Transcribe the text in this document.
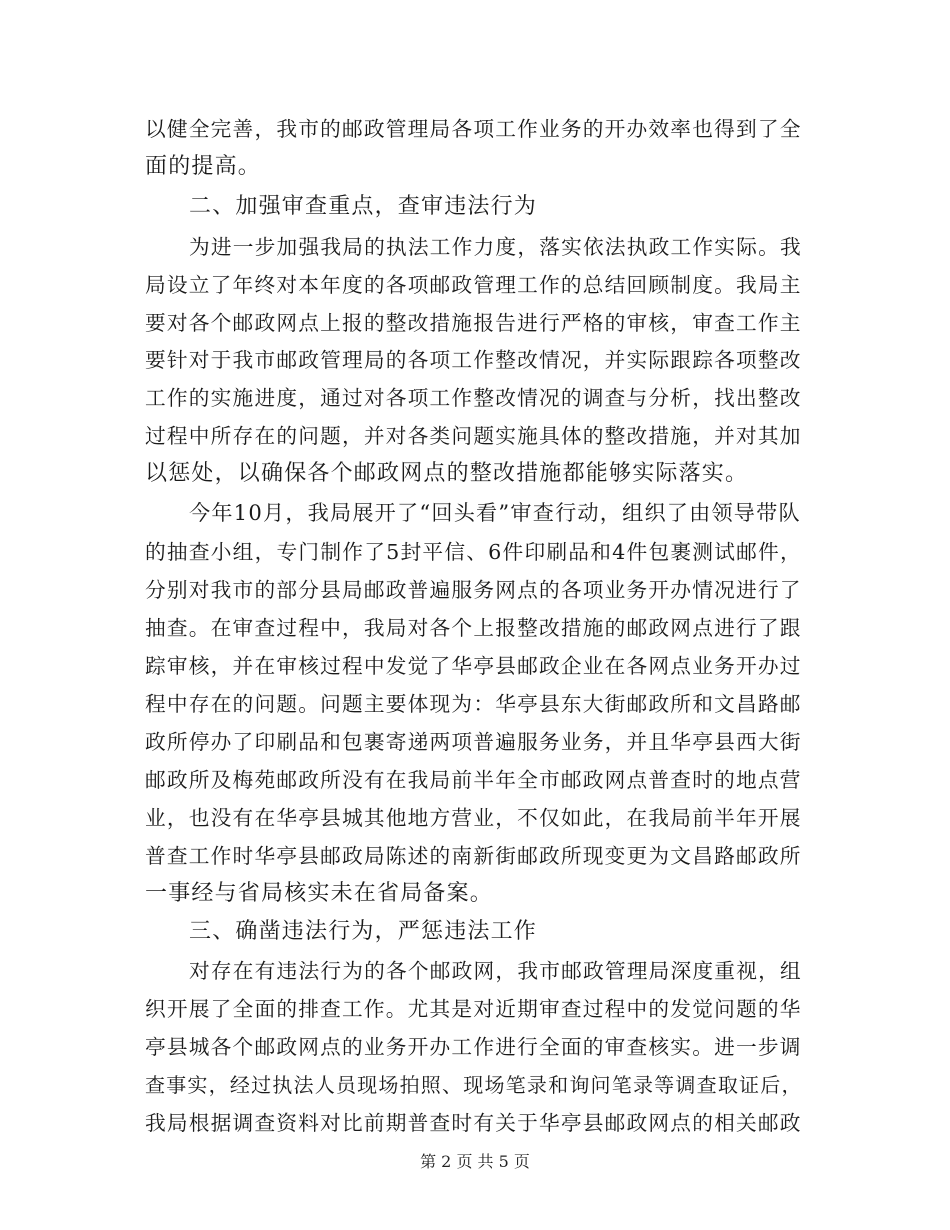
以健全完善，我市的邮政管理局各项工作业务的开办效率也得到了全
面的提高。
二、加强审查重点，查审违法行为
为进一步加强我局的执法工作力度，落实依法执政工作实际。我
局设立了年终对本年度的各项邮政管理工作的总结回顾制度。我局主
要对各个邮政网点上报的整改措施报告进行严格的审核，审查工作主
要针对于我市邮政管理局的各项工作整改情况，并实际跟踪各项整改
工作的实施进度，通过对各项工作整改情况的调查与分析，找出整改
过程中所存在的问题，并对各类问题实施具体的整改措施，并对其加
以惩处，以确保各个邮政网点的整改措施都能够实际落实。
今年10月，我局展开了“回头看”审查行动，组织了由领导带队
的抽查小组，专门制作了5封平信、6件印刷品和4件包裹测试邮件，
分别对我市的部分县局邮政普遍服务网点的各项业务开办情况进行了
抽查。在审查过程中，我局对各个上报整改措施的邮政网点进行了跟
踪审核，并在审核过程中发觉了华亭县邮政企业在各网点业务开办过
程中存在的问题。问题主要体现为：华亭县东大街邮政所和文昌路邮
政所停办了印刷品和包裹寄递两项普遍服务业务，并且华亭县西大街
邮政所及梅苑邮政所没有在我局前半年全市邮政网点普查时的地点营
业，也没有在华亭县城其他地方营业，不仅如此，在我局前半年开展
普查工作时华亭县邮政局陈述的南新街邮政所现变更为文昌路邮政所
一事经与省局核实未在省局备案。
三、确凿违法行为，严惩违法工作
对存在有违法行为的各个邮政网，我市邮政管理局深度重视，组
织开展了全面的排查工作。尤其是对近期审查过程中的发觉问题的华
亭县城各个邮政网点的业务开办工作进行全面的审查核实。进一步调
查事实，经过执法人员现场拍照、现场笔录和询问笔录等调查取证后，
我局根据调查资料对比前期普查时有关于华亭县邮政网点的相关邮政
第 2 页 共 5 页
